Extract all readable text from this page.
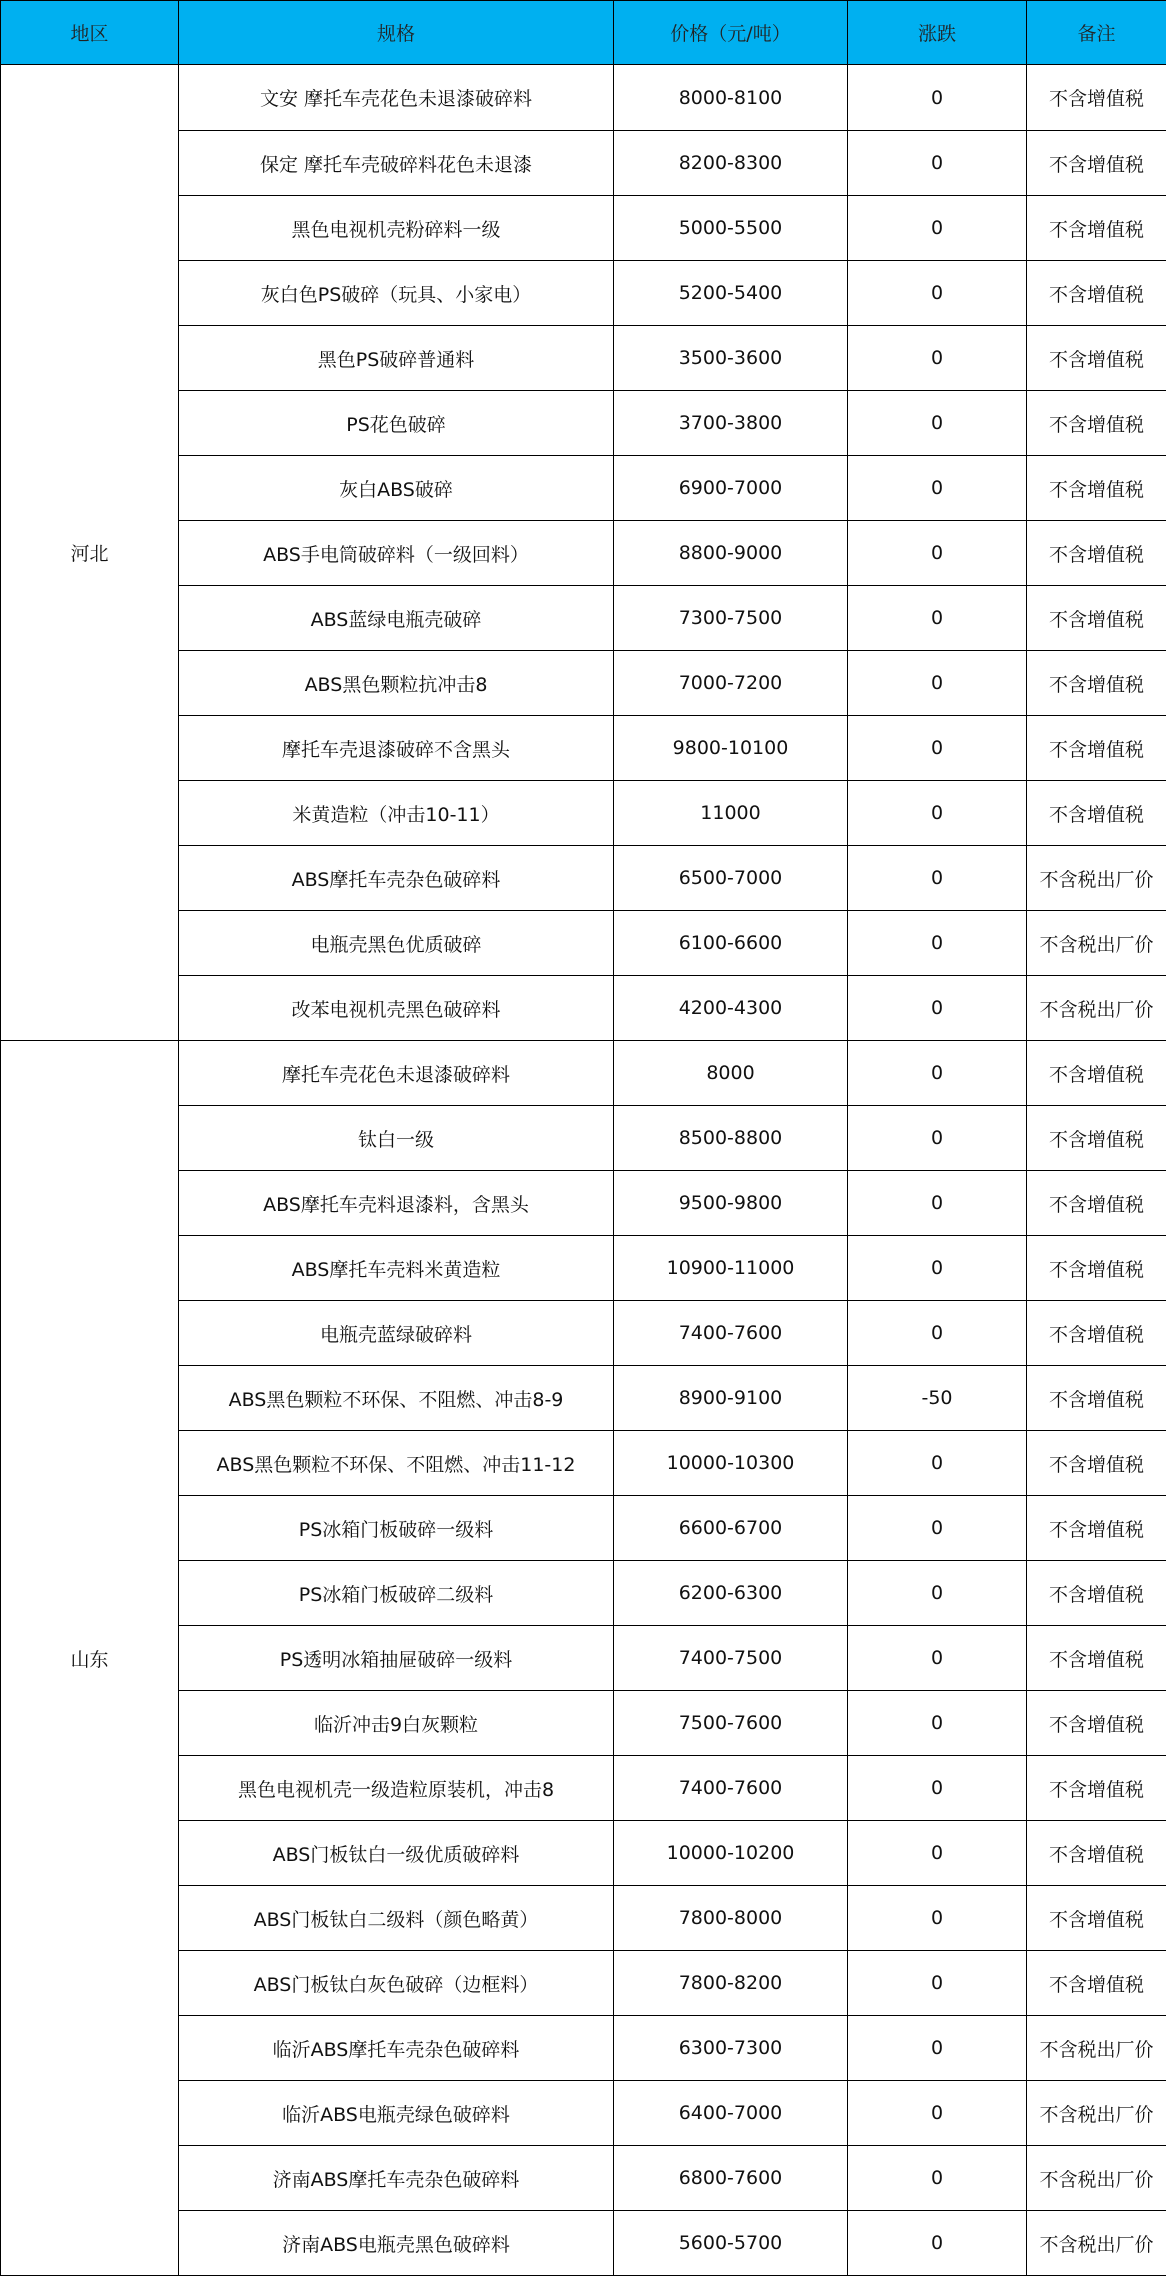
地区	规格	价格（元/吨）	涨跌	备注
河北	文安 摩托车壳花色未退漆破碎料	8000-8100	0	不含增值税
	保定 摩托车壳破碎料花色未退漆	8200-8300	0	不含增值税
	黑色电视机壳粉碎料一级	5000-5500	0	不含增值税
	灰白色PS破碎（玩具、小家电）	5200-5400	0	不含增值税
	黑色PS破碎普通料	3500-3600	0	不含增值税
	PS花色破碎	3700-3800	0	不含增值税
	灰白ABS破碎	6900-7000	0	不含增值税
	ABS手电筒破碎料（一级回料）	8800-9000	0	不含增值税
	ABS蓝绿电瓶壳破碎	7300-7500	0	不含增值税
	ABS黑色颗粒抗冲击8	7000-7200	0	不含增值税
	摩托车壳退漆破碎不含黑头	9800-10100	0	不含增值税
	米黄造粒（冲击10-11）	11000	0	不含增值税
	ABS摩托车壳杂色破碎料	6500-7000	0	不含税出厂价
	电瓶壳黑色优质破碎	6100-6600	0	不含税出厂价
	改苯电视机壳黑色破碎料	4200-4300	0	不含税出厂价
山东	摩托车壳花色未退漆破碎料	8000	0	不含增值税
	钛白一级	8500-8800	0	不含增值税
	ABS摩托车壳料退漆料，含黑头	9500-9800	0	不含增值税
	ABS摩托车壳料米黄造粒	10900-11000	0	不含增值税
	电瓶壳蓝绿破碎料	7400-7600	0	不含增值税
	ABS黑色颗粒不环保、不阻燃、冲击8-9	8900-9100	-50	不含增值税
	ABS黑色颗粒不环保、不阻燃、冲击11-12	10000-10300	0	不含增值税
	PS冰箱门板破碎一级料	6600-6700	0	不含增值税
	PS冰箱门板破碎二级料	6200-6300	0	不含增值税
	PS透明冰箱抽屉破碎一级料	7400-7500	0	不含增值税
	临沂冲击9白灰颗粒	7500-7600	0	不含增值税
	黑色电视机壳一级造粒原装机，冲击8	7400-7600	0	不含增值税
	ABS门板钛白一级优质破碎料	10000-10200	0	不含增值税
	ABS门板钛白二级料（颜色略黄）	7800-8000	0	不含增值税
	ABS门板钛白灰色破碎（边框料）	7800-8200	0	不含增值税
	临沂ABS摩托车壳杂色破碎料	6300-7300	0	不含税出厂价
	临沂ABS电瓶壳绿色破碎料	6400-7000	0	不含税出厂价
	济南ABS摩托车壳杂色破碎料	6800-7600	0	不含税出厂价
	济南ABS电瓶壳黑色破碎料	5600-5700	0	不含税出厂价
